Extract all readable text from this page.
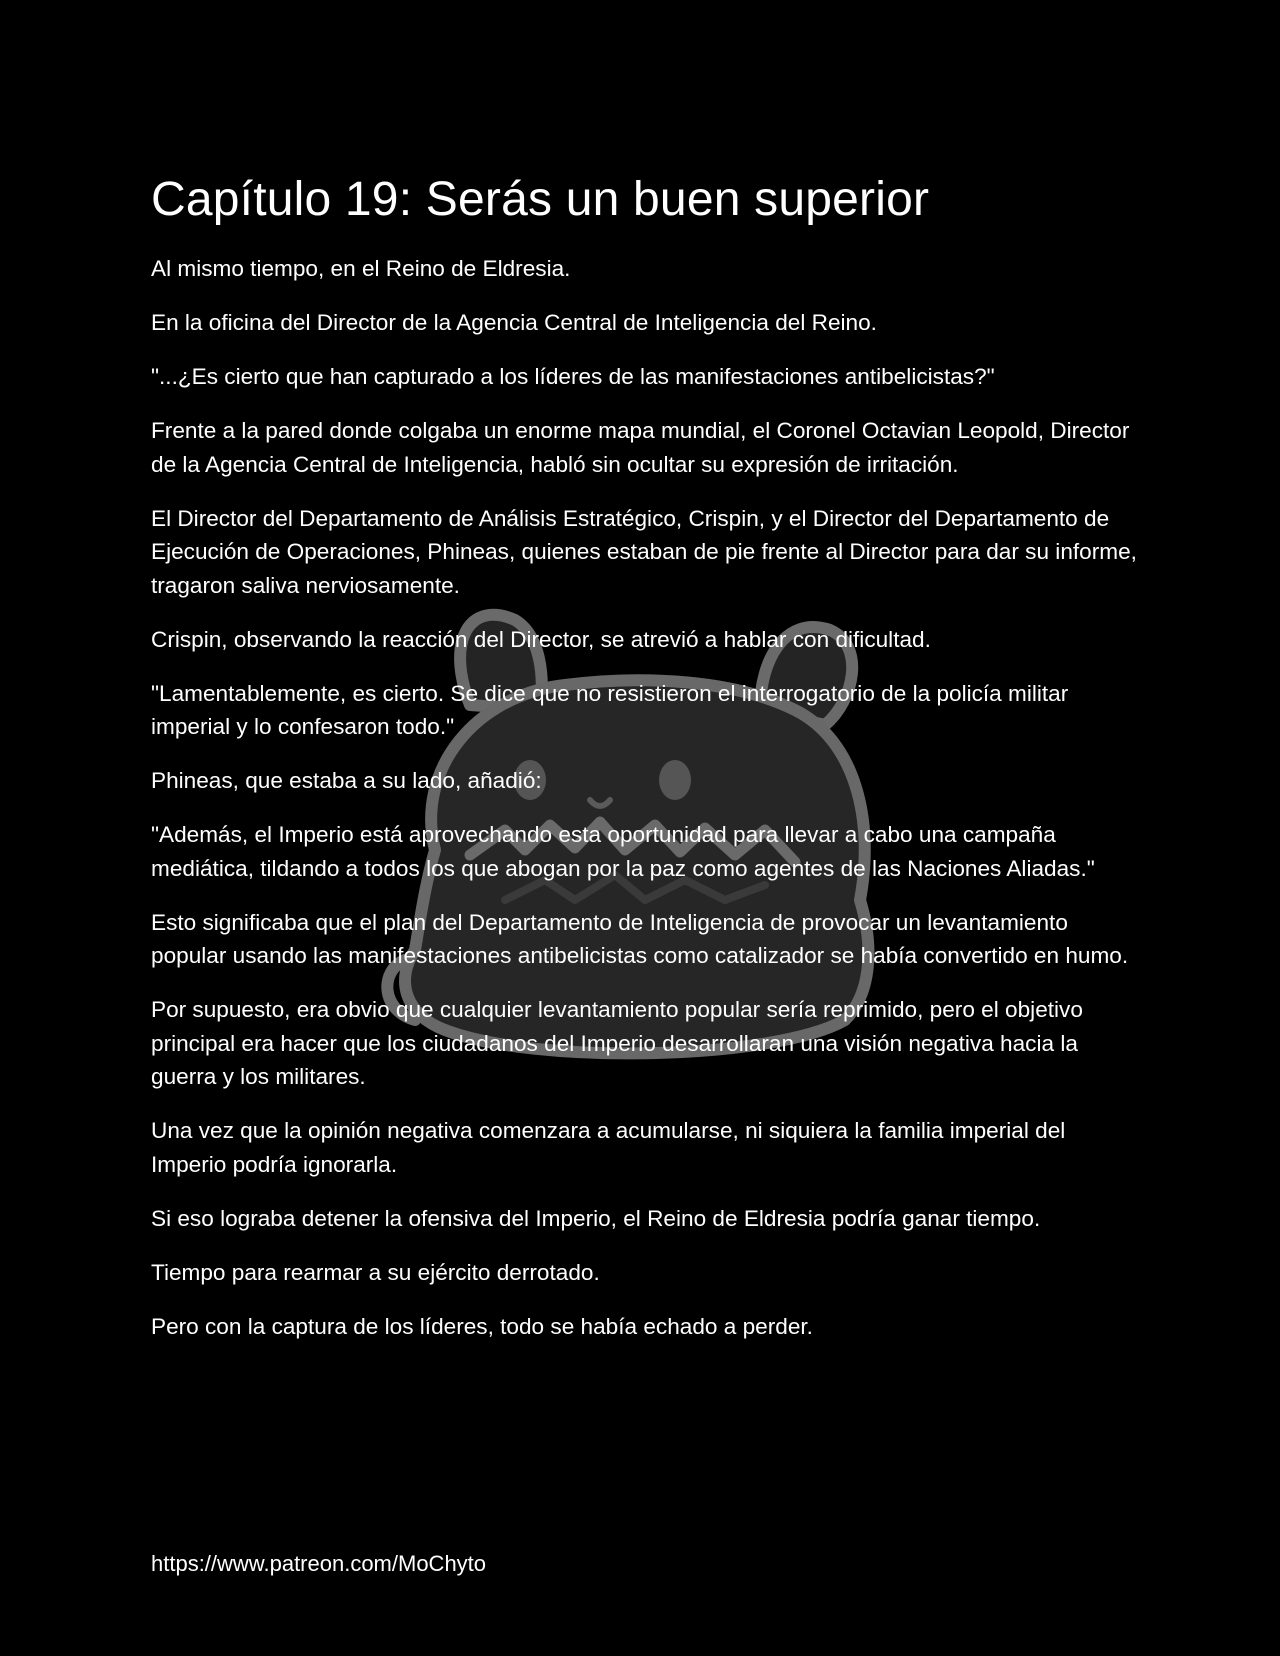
Capítulo 19: Serás un buen superior

Al mismo tiempo, en el Reino de Eldresia.

En la oficina del Director de la Agencia Central de Inteligencia del Reino.

"...¿Es cierto que han capturado a los líderes de las manifestaciones antibelicistas?"

Frente a la pared donde colgaba un enorme mapa mundial, el Coronel Octavian Leopold, Director de la Agencia Central de Inteligencia, habló sin ocultar su expresión de irritación.

El Director del Departamento de Análisis Estratégico, Crispin, y el Director del Departamento de Ejecución de Operaciones, Phineas, quienes estaban de pie frente al Director para dar su informe, tragaron saliva nerviosamente.

Crispin, observando la reacción del Director, se atrevió a hablar con dificultad.

"Lamentablemente, es cierto. Se dice que no resistieron el interrogatorio de la policía militar imperial y lo confesaron todo."

Phineas, que estaba a su lado, añadió:

"Además, el Imperio está aprovechando esta oportunidad para llevar a cabo una campaña mediática, tildando a todos los que abogan por la paz como agentes de las Naciones Aliadas."

Esto significaba que el plan del Departamento de Inteligencia de provocar un levantamiento popular usando las manifestaciones antibelicistas como catalizador se había convertido en humo.

Por supuesto, era obvio que cualquier levantamiento popular sería reprimido, pero el objetivo principal era hacer que los ciudadanos del Imperio desarrollaran una visión negativa hacia la guerra y los militares.

Una vez que la opinión negativa comenzara a acumularse, ni siquiera la familia imperial del Imperio podría ignorarla.

Si eso lograba detener la ofensiva del Imperio, el Reino de Eldresia podría ganar tiempo.

Tiempo para rearmar a su ejército derrotado.

Pero con la captura de los líderes, todo se había echado a perder.

https://www.patreon.com/MoChyto
